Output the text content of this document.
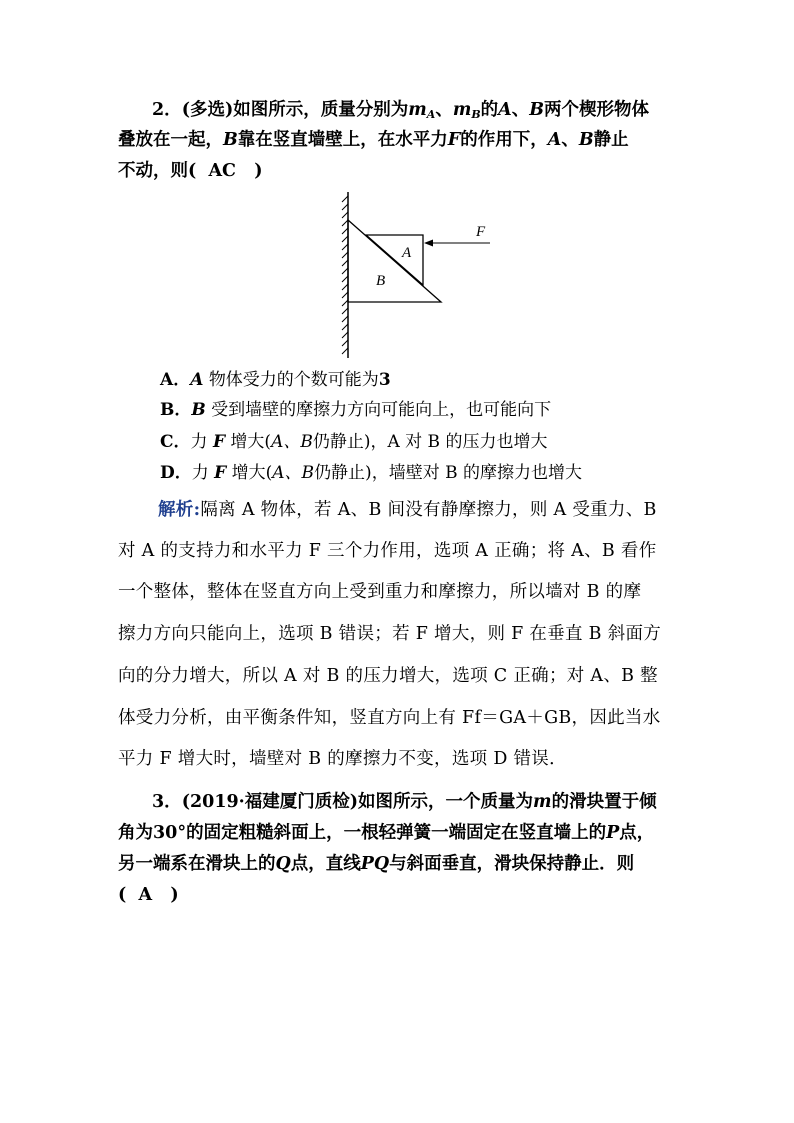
2．(多选)如图所示，质量分别为$m_A$、$m_B$的A、B两个楔形物体
叠放在一起，B靠在竖直墙壁上，在水平力F的作用下，A、B静止
不动，则( AC )
A
B
F
A．A 物体受力的个数可能为3
B．B 受到墙壁的摩擦力方向可能向上，也可能向下
C．力 F 增大(A、B仍静止)，A 对 B 的压力也增大
D．力 F 增大(A、B仍静止)，墙壁对 B 的摩擦力也增大
解析:隔离 A 物体，若 A、B 间没有静摩擦力，则 A 受重力、B
对 A 的支持力和水平力 F 三个力作用，选项 A 正确；将 A、B 看作
一个整体，整体在竖直方向上受到重力和摩擦力，所以墙对 B 的摩
擦力方向只能向上，选项 B 错误；若 F 增大，则 F 在垂直 B 斜面方
向的分力增大，所以 A 对 B 的压力增大，选项 C 正确；对 A、B 整
体受力分析，由平衡条件知，竖直方向上有 Ff＝GA＋GB，因此当水
平力 F 增大时，墙壁对 B 的摩擦力不变，选项 D 错误．
3．(2019·福建厦门质检)如图所示，一个质量为m的滑块置于倾
角为30°的固定粗糙斜面上，一根轻弹簧一端固定在竖直墙上的P点，
另一端系在滑块上的Q点，直线PQ与斜面垂直，滑块保持静止．则
( A )
